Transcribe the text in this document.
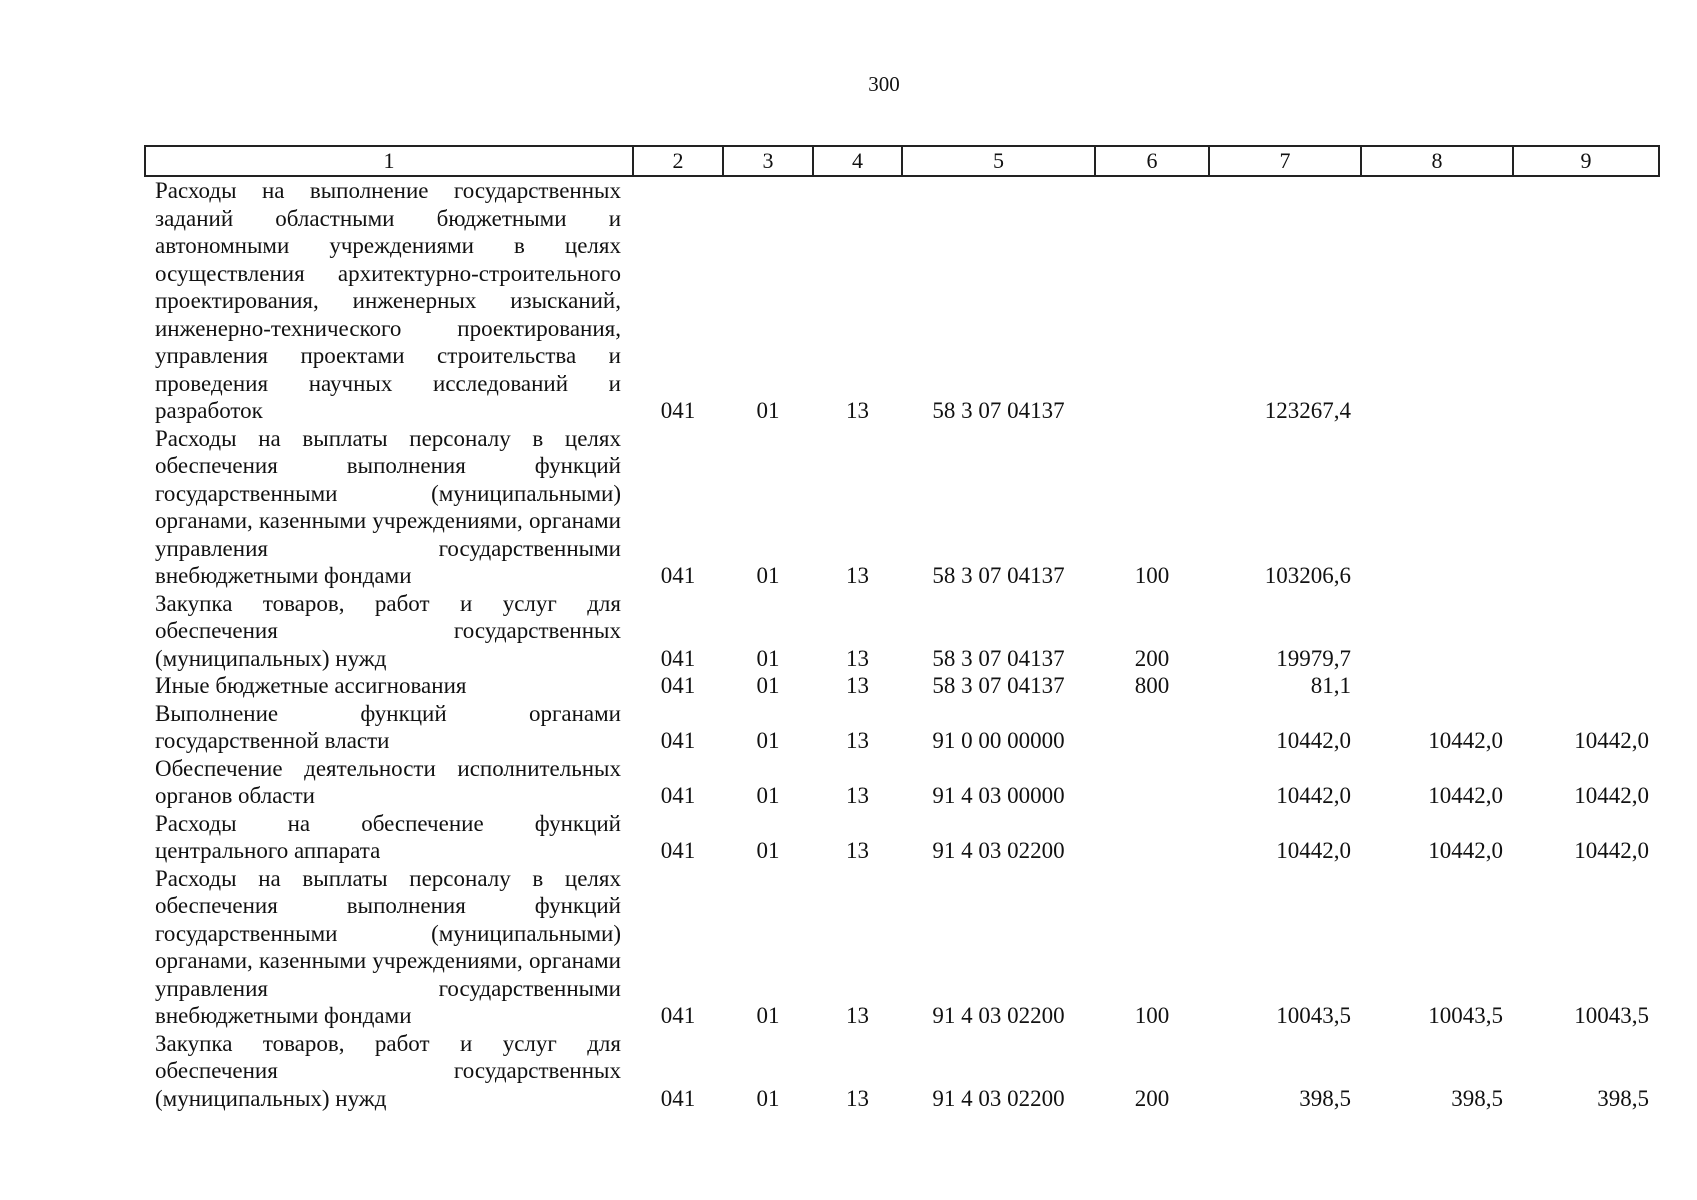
300
1	2	3	4	5	6	7	8	9
Расходы на выполнение государственных заданий областными бюджетными и автономными учреждениями в целях осуществления архитектурно-строительного проектирования, инженерных изысканий, инженерно-технического проектирования, управления проектами строительства и проведения научных исследований и разработок	041	01	13	58 3 07 04137		123267,4		
Расходы на выплаты персоналу в целях обеспечения выполнения функций государственными (муниципальными) органами, казенными учреждениями, органами управления государственными внебюджетными фондами	041	01	13	58 3 07 04137	100	103206,6		
Закупка товаров, работ и услуг для обеспечения государственных (муниципальных) нужд	041	01	13	58 3 07 04137	200	19979,7		
Иные бюджетные ассигнования	041	01	13	58 3 07 04137	800	81,1		
Выполнение функций органами государственной власти	041	01	13	91 0 00 00000		10442,0	10442,0	10442,0
Обеспечение деятельности исполнительных органов области	041	01	13	91 4 03 00000		10442,0	10442,0	10442,0
Расходы на обеспечение функций центрального аппарата	041	01	13	91 4 03 02200		10442,0	10442,0	10442,0
Расходы на выплаты персоналу в целях обеспечения выполнения функций государственными (муниципальными) органами, казенными учреждениями, органами управления государственными внебюджетными фондами	041	01	13	91 4 03 02200	100	10043,5	10043,5	10043,5
Закупка товаров, работ и услуг для обеспечения государственных (муниципальных) нужд	041	01	13	91 4 03 02200	200	398,5	398,5	398,5
